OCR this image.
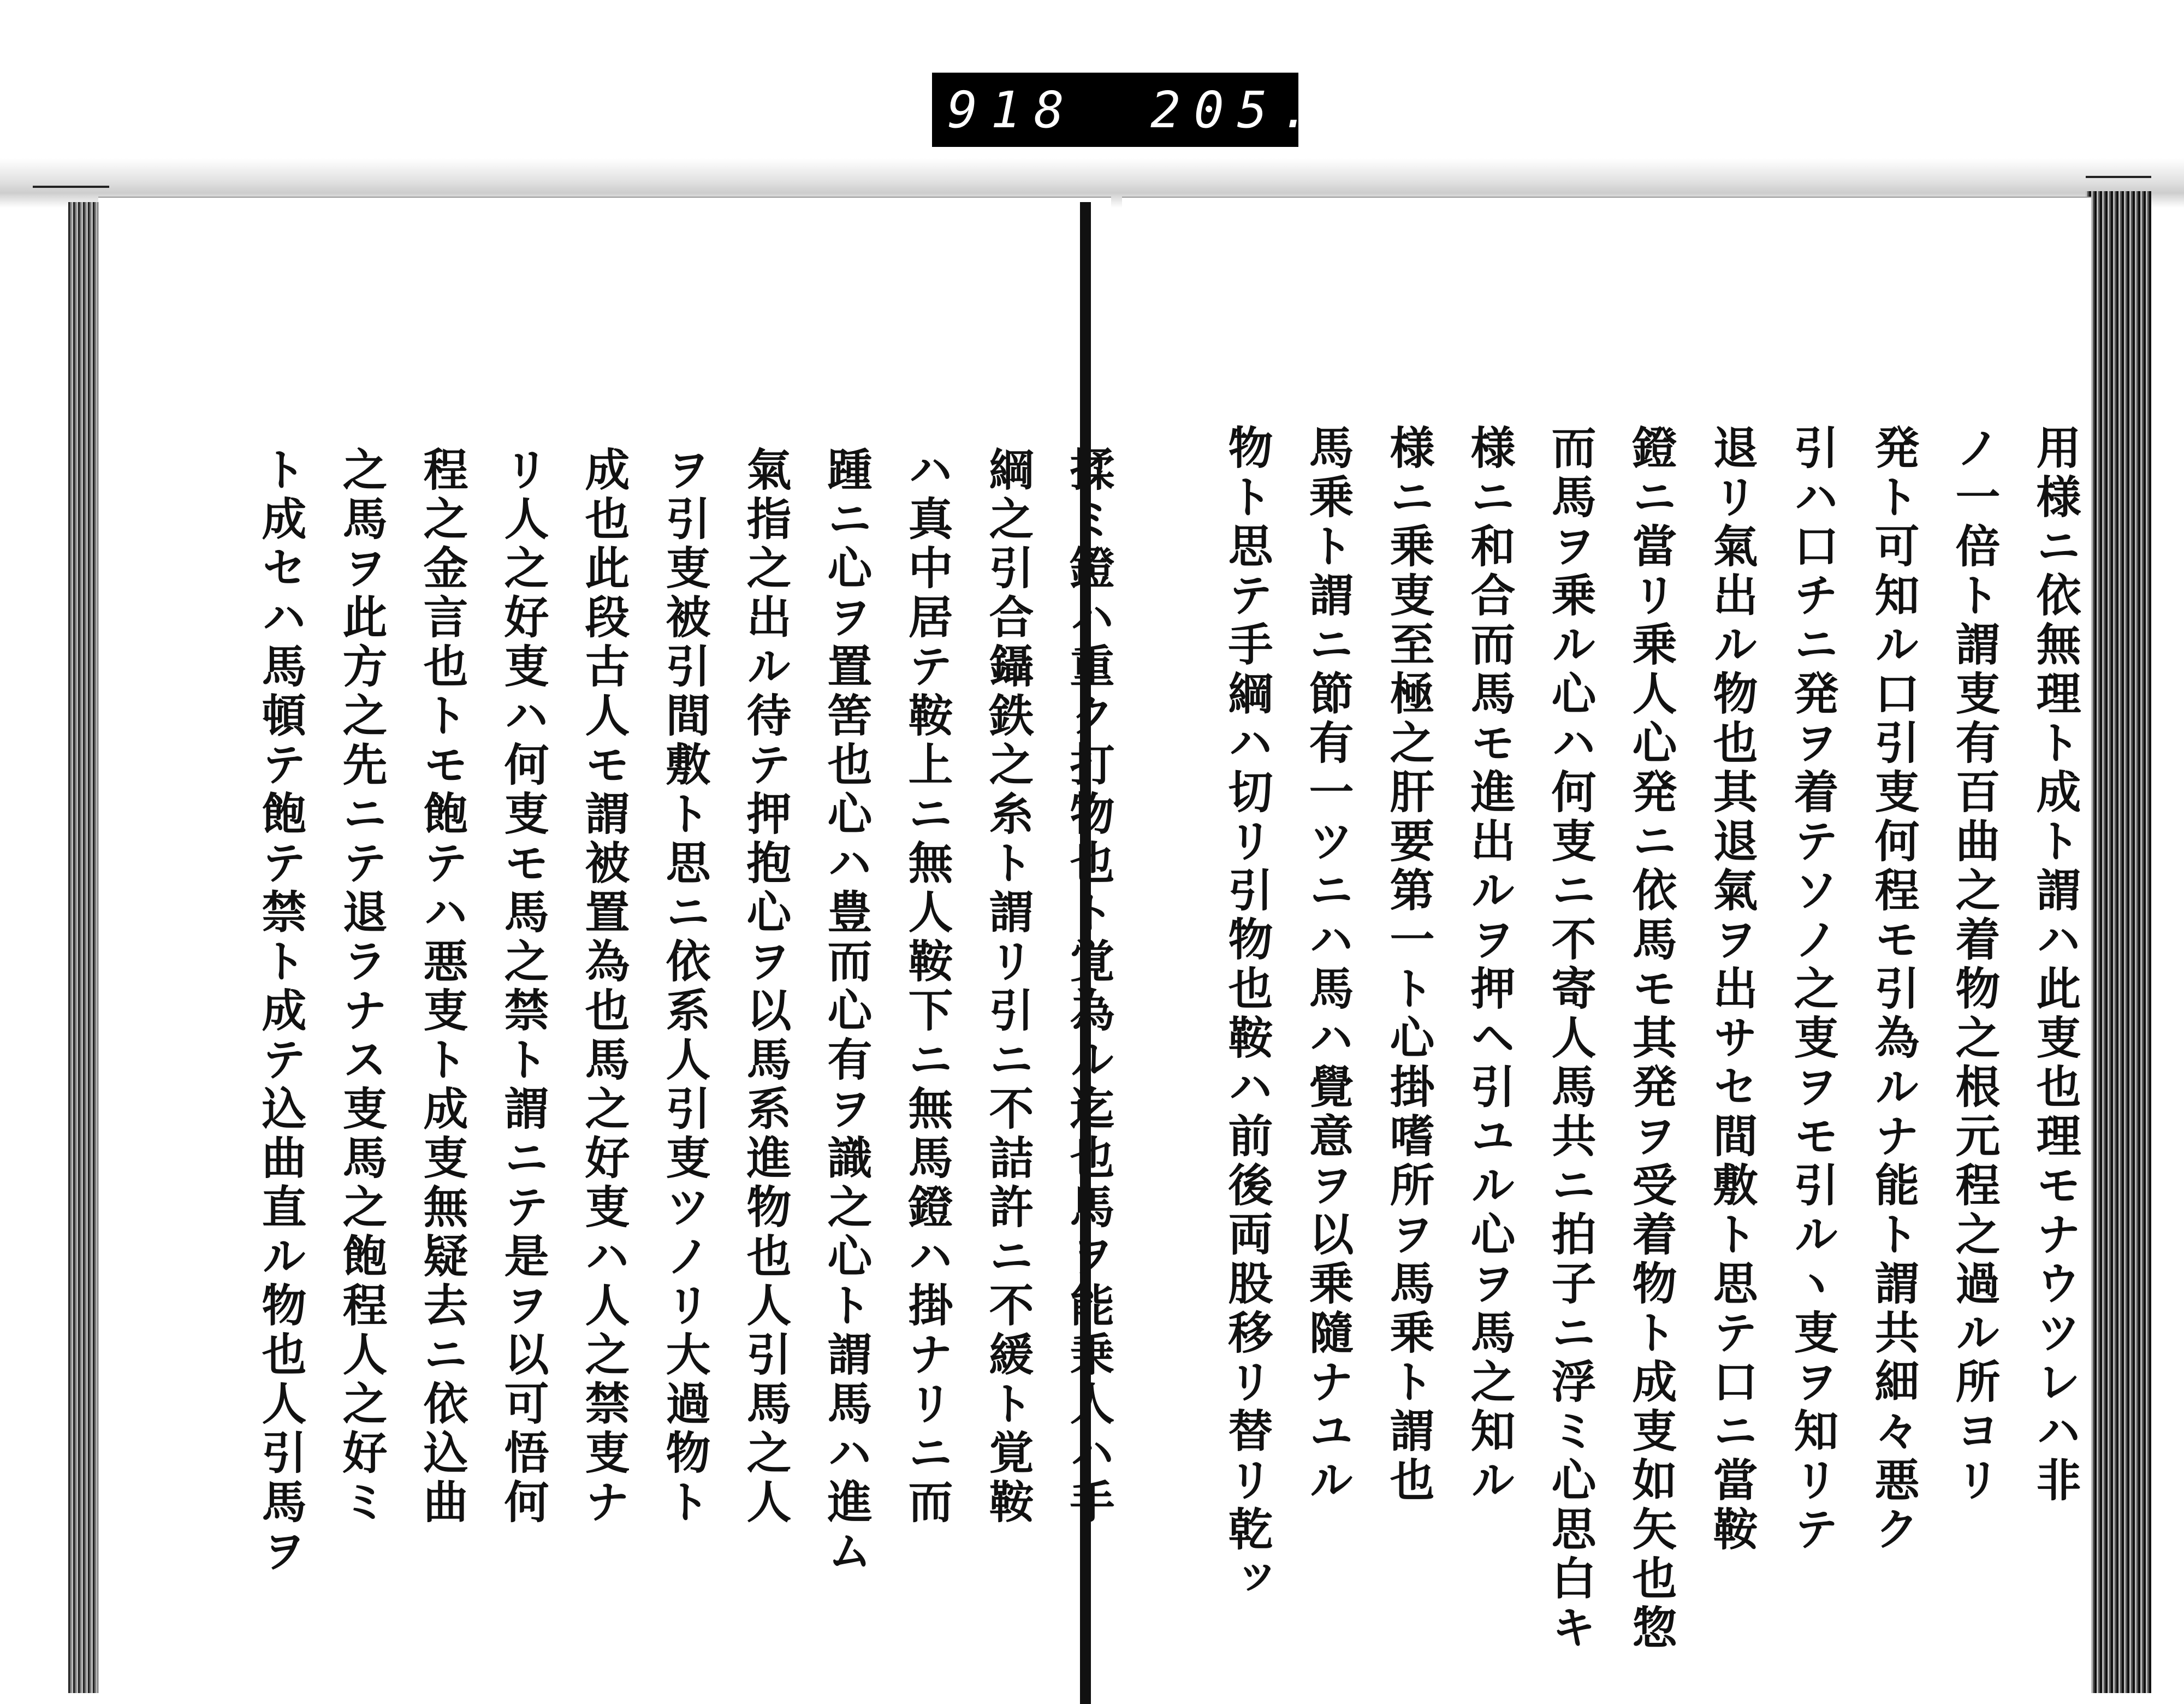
918 205.
綱之引合鑷鉄之糸ト謂リ引ニ不詰許ニ不緩ト覚鞍
ハ真中居テ鞍上ニ無人鞍下ニ無馬鐙ハ掛ナリニ而
踵ニ心ヲ置筈也心ハ豊而心有ヲ識之心ト謂馬ハ進ム
氣指之出ル待テ押抱心ヲ以馬系進物也人引馬之人
ヲ引叓被引間敷ト思ニ依系人引叓ツノリ大過物ト
成也此段古人モ謂被置為也馬之好叓ハ人之禁叓ナ
リ人之好叓ハ何叓モ馬之禁ト謂ニテ是ヲ以可悟何
程之金言也トモ飽テハ悪叓ト成叓無疑去ニ依込曲
之馬ヲ此方之先ニテ退ラナス叓馬之飽程人之好ミ
ト成セハ馬頓テ飽テ禁ト成テ込曲直ル物也人引馬ヲ	用様ニ依無理ト成ト謂ハ此叓也理モナウツレハ非
ノ一倍ト謂叓有百曲之着物之根元程之過ル所ヨリ
発ト可知ル口引叓何程モ引為ルナ能ト謂共細々悪ク
引ハ口チニ発ヲ着テソノ之叓ヲモ引ルヽ叓ヲ知リテ
退リ氣出ル物也其退氣ヲ出サセ間敷ト思テ口ニ當鞍
鐙ニ當リ乗人心発ニ依馬モ其発ヲ受着物ト成叓如矢也惣
而馬ヲ乗ル心ハ何叓ニ不寄人馬共ニ拍子ニ浮ミ心思白キ
様ニ和合而馬モ進出ルヲ押ヘ引ユル心ヲ馬之知ル
様ニ乗叓至極之肝要第一ト心掛嗜所ヲ馬乗ト謂也
馬乗ト謂ニ節有一ツニハ馬ハ覺意ヲ以乗隨ナユル
物ト思テ手綱ハ切リ引物也鞍ハ前後両股移リ替リ乾ッ
